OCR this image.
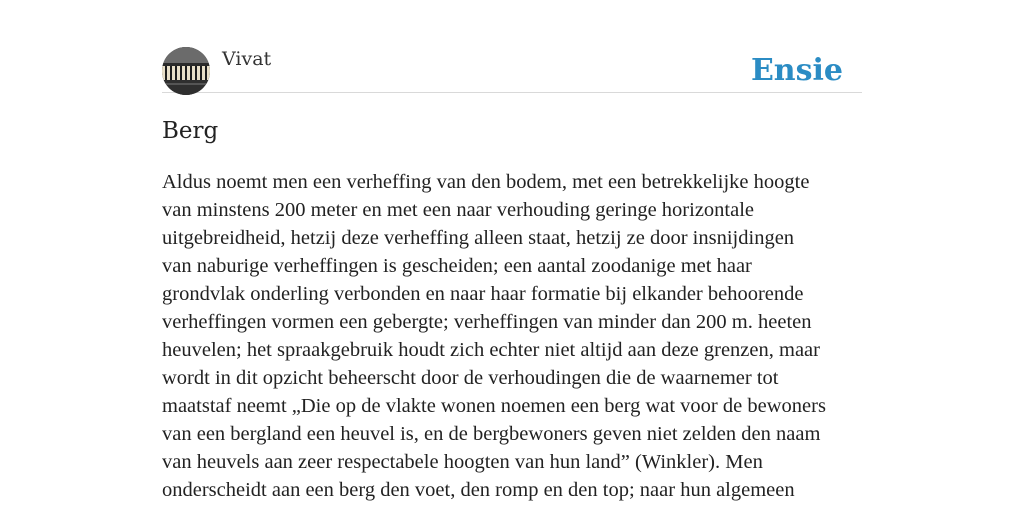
Vivat	Ensie
Berg
Aldus noemt men een verheffing van den bodem, met een betrekkelijke hoogte
van minstens 200 meter en met een naar verhouding geringe horizontale
uitgebreidheid, hetzij deze verheffing alleen staat, hetzij ze door insnijdingen
van naburige verheffingen is gescheiden; een aantal zoodanige met haar
grondvlak onderling verbonden en naar haar formatie bij elkander behoorende
verheffingen vormen een gebergte; verheffingen van minder dan 200 m. heeten
heuvelen; het spraakgebruik houdt zich echter niet altijd aan deze grenzen, maar
wordt in dit opzicht beheerscht door de verhoudingen die de waarnemer tot
maatstaf neemt „Die op de vlakte wonen noemen een berg wat voor de bewoners
van een bergland een heuvel is, en de bergbewoners geven niet zelden den naam
van heuvels aan zeer respectabele hoogten van hun land” (Winkler). Men
onderscheidt aan een berg den voet, den romp en den top; naar hun algemeen
